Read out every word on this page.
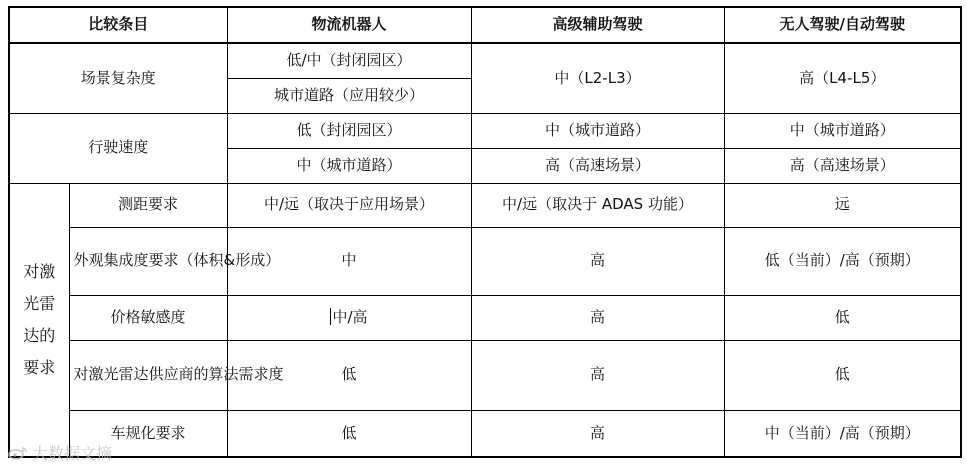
比较条目		物流机器人	高级辅助驾驶	无人驾驶/自动驾驶
场景复杂度		低/中（封闭园区）	中（L2-L3）	高（L4-L5）
		城市道路（应用较少）		
行驶速度		低（封闭园区）	中（城市道路）	中（城市道路）
		中（城市道路）	高（高速场景）	高（高速场景）

对激光雷达的要求	测距要求	中/远（取决于应用场景）	中/远（取决于 ADAS 功能）	远
	外观集成度要求（体积&形成）	中	高	低（当前）/高（预期）
	价格敏感度	中/高	高	低
	对激光雷达供应商的算法需求度	低	高	低
	车规化要求	低	高	中（当前）/高（预期）
大数据文摘
